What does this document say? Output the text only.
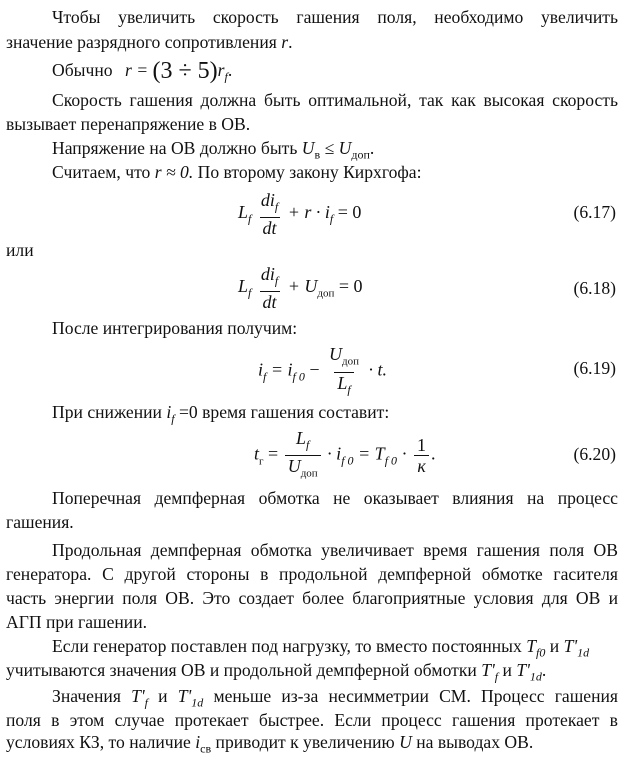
Чтобы увеличить скорость гашения поля, необходимо увеличить
значение разрядного сопротивления r.
Обычно $r = (3 \div 5)r_f$.
Скорость гашения должна быть оптимальной, так как высокая скорость
вызывает перенапряжение в ОВ.
Напряжение на ОВ должно быть $U_в \le U_{доп}$.
Считаем, что r ≈ 0. По второму закону Кирхгофа:
$L_f \frac{di_f}{dt} + r \cdot i_f = 0$	(6.17)
или
$L_f \frac{di_f}{dt} + U_{доп} = 0$	(6.18)
После интегрирования получим:
$i_f = i_{f 0} - \frac{U_{доп}}{L_f} \cdot t$.	(6.19)
При снижении $i_f =0$ время гашения составит:
$t_г = \frac{L_f}{U_{доп}} \cdot i_{f 0} = T_{f 0} \cdot \frac{1}{к}$ .	(6.20)
Поперечная демпферная обмотка не оказывает влияния на процесс
гашения.
Продольная демпферная обмотка увеличивает время гашения поля ОВ
генератора. С другой стороны в продольной демпферной обмотке гасителя
часть энергии поля ОВ. Это создает более благоприятные условия для ОВ и
АГП при гашении.
Если генератор поставлен под нагрузку, то вместо постоянных $T_{f0}$ и $T'_{1d}$
учитываются значения ОВ и продольной демпферной обмотки $T'_f$ и $T'_{1d}$.
Значения $T'_f$ и $T'_{1d}$ меньше из-за несимметрии СМ. Процесс гашения
поля в этом случае протекает быстрее. Если процесс гашения протекает в
условиях КЗ, то наличие $i_{св}$ приводит к увеличению U на выводах ОВ.
